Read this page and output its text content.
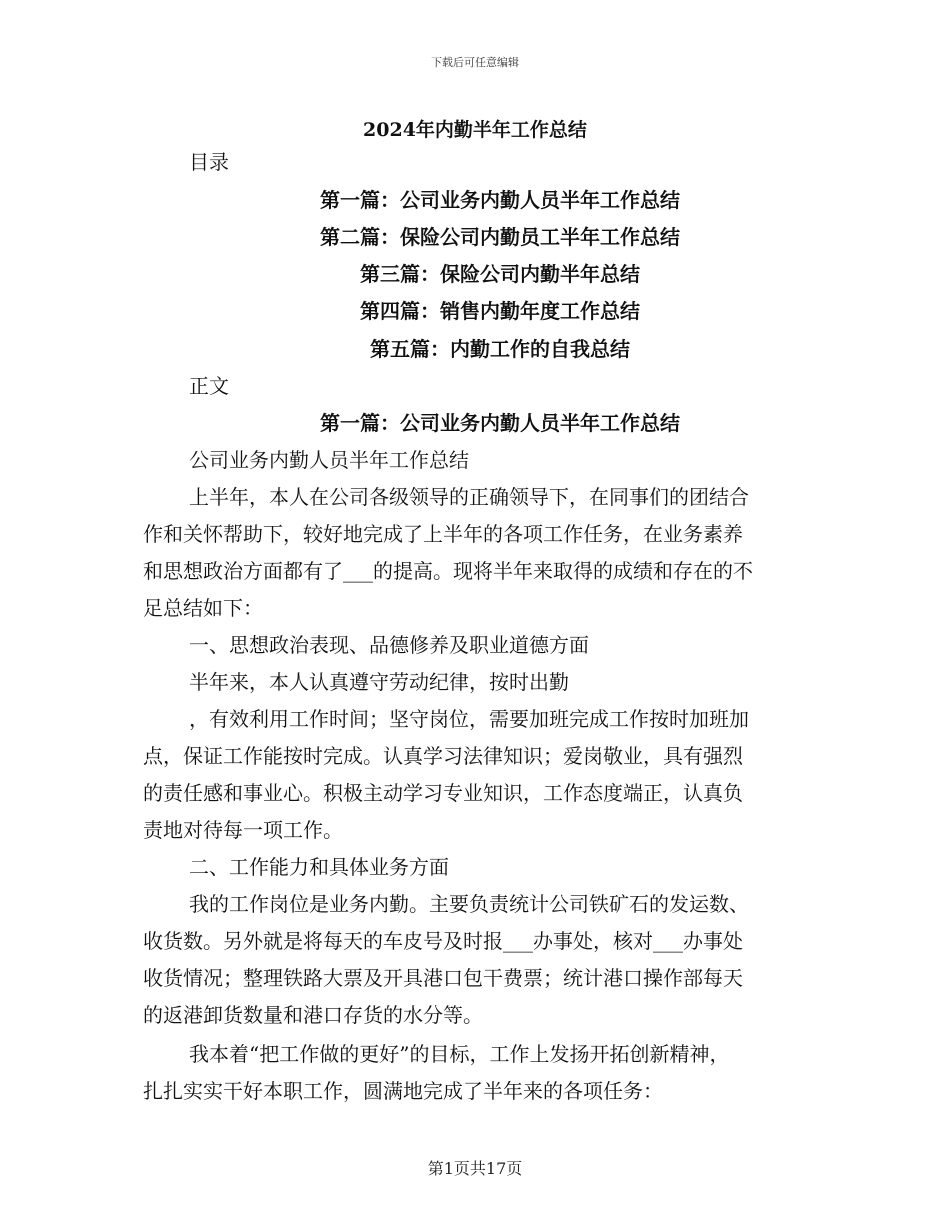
下载后可任意编辑
2024年内勤半年工作总结
目录
第一篇：公司业务内勤人员半年工作总结
第二篇：保险公司内勤员工半年工作总结
第三篇：保险公司内勤半年总结
第四篇：销售内勤年度工作总结
第五篇：内勤工作的自我总结
正文
第一篇：公司业务内勤人员半年工作总结
公司业务内勤人员半年工作总结
上半年，本人在公司各级领导的正确领导下，在同事们的团结合
作和关怀帮助下，较好地完成了上半年的各项工作任务，在业务素养
和思想政治方面都有了___的提高。现将半年来取得的成绩和存在的不
足总结如下：
一、思想政治表现、品德修养及职业道德方面
半年来，本人认真遵守劳动纪律，按时出勤
，有效利用工作时间；坚守岗位，需要加班完成工作按时加班加
点，保证工作能按时完成。认真学习法律知识；爱岗敬业，具有强烈
的责任感和事业心。积极主动学习专业知识，工作态度端正，认真负
责地对待每一项工作。
二、工作能力和具体业务方面
我的工作岗位是业务内勤。主要负责统计公司铁矿石的发运数、
收货数。另外就是将每天的车皮号及时报___办事处，核对___办事处
收货情况；整理铁路大票及开具港口包干费票；统计港口操作部每天
的返港卸货数量和港口存货的水分等。
我本着“把工作做的更好”的目标，工作上发扬开拓创新精神，
扎扎实实干好本职工作，圆满地完成了半年来的各项任务：
第1页共17页
